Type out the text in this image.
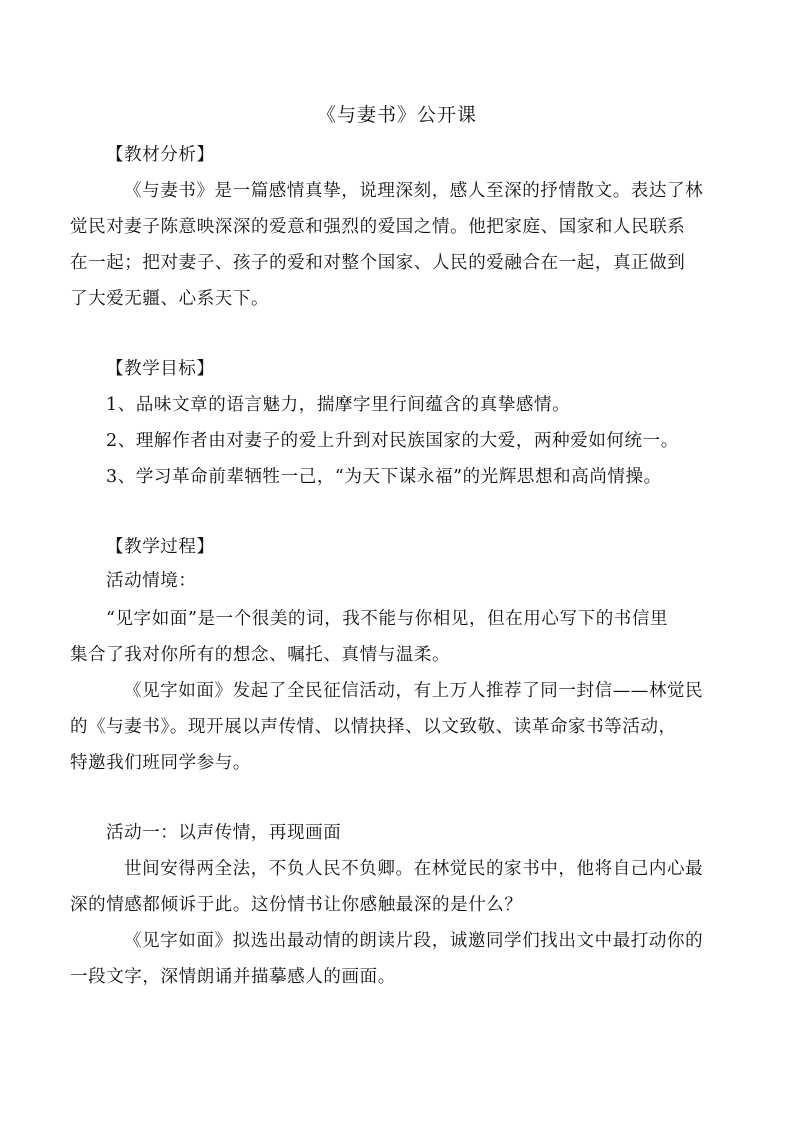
《与妻书》公开课
【教材分析】
《与妻书》是一篇感情真挚，说理深刻，感人至深的抒情散文。表达了林
觉民对妻子陈意映深深的爱意和强烈的爱国之情。他把家庭、国家和人民联系
在一起；把对妻子、孩子的爱和对整个国家、人民的爱融合在一起，真正做到
了大爱无疆、心系天下。
【教学目标】
1、品味文章的语言魅力，揣摩字里行间蕴含的真挚感情。
2、理解作者由对妻子的爱上升到对民族国家的大爱，两种爱如何统一。
3、学习革命前辈牺牲一己，“为天下谋永福”的光辉思想和高尚情操。
【教学过程】
活动情境：
“见字如面”是一个很美的词，我不能与你相见，但在用心写下的书信里
集合了我对你所有的想念、嘱托、真情与温柔。
《见字如面》发起了全民征信活动，有上万人推荐了同一封信——林觉民
的《与妻书》。现开展以声传情、以情抉择、以文致敬、读革命家书等活动，
特邀我们班同学参与。
活动一：以声传情，再现画面
世间安得两全法，不负人民不负卿。在林觉民的家书中，他将自己内心最
深的情感都倾诉于此。这份情书让你感触最深的是什么？
《见字如面》拟选出最动情的朗读片段，诚邀同学们找出文中最打动你的
一段文字，深情朗诵并描摹感人的画面。
